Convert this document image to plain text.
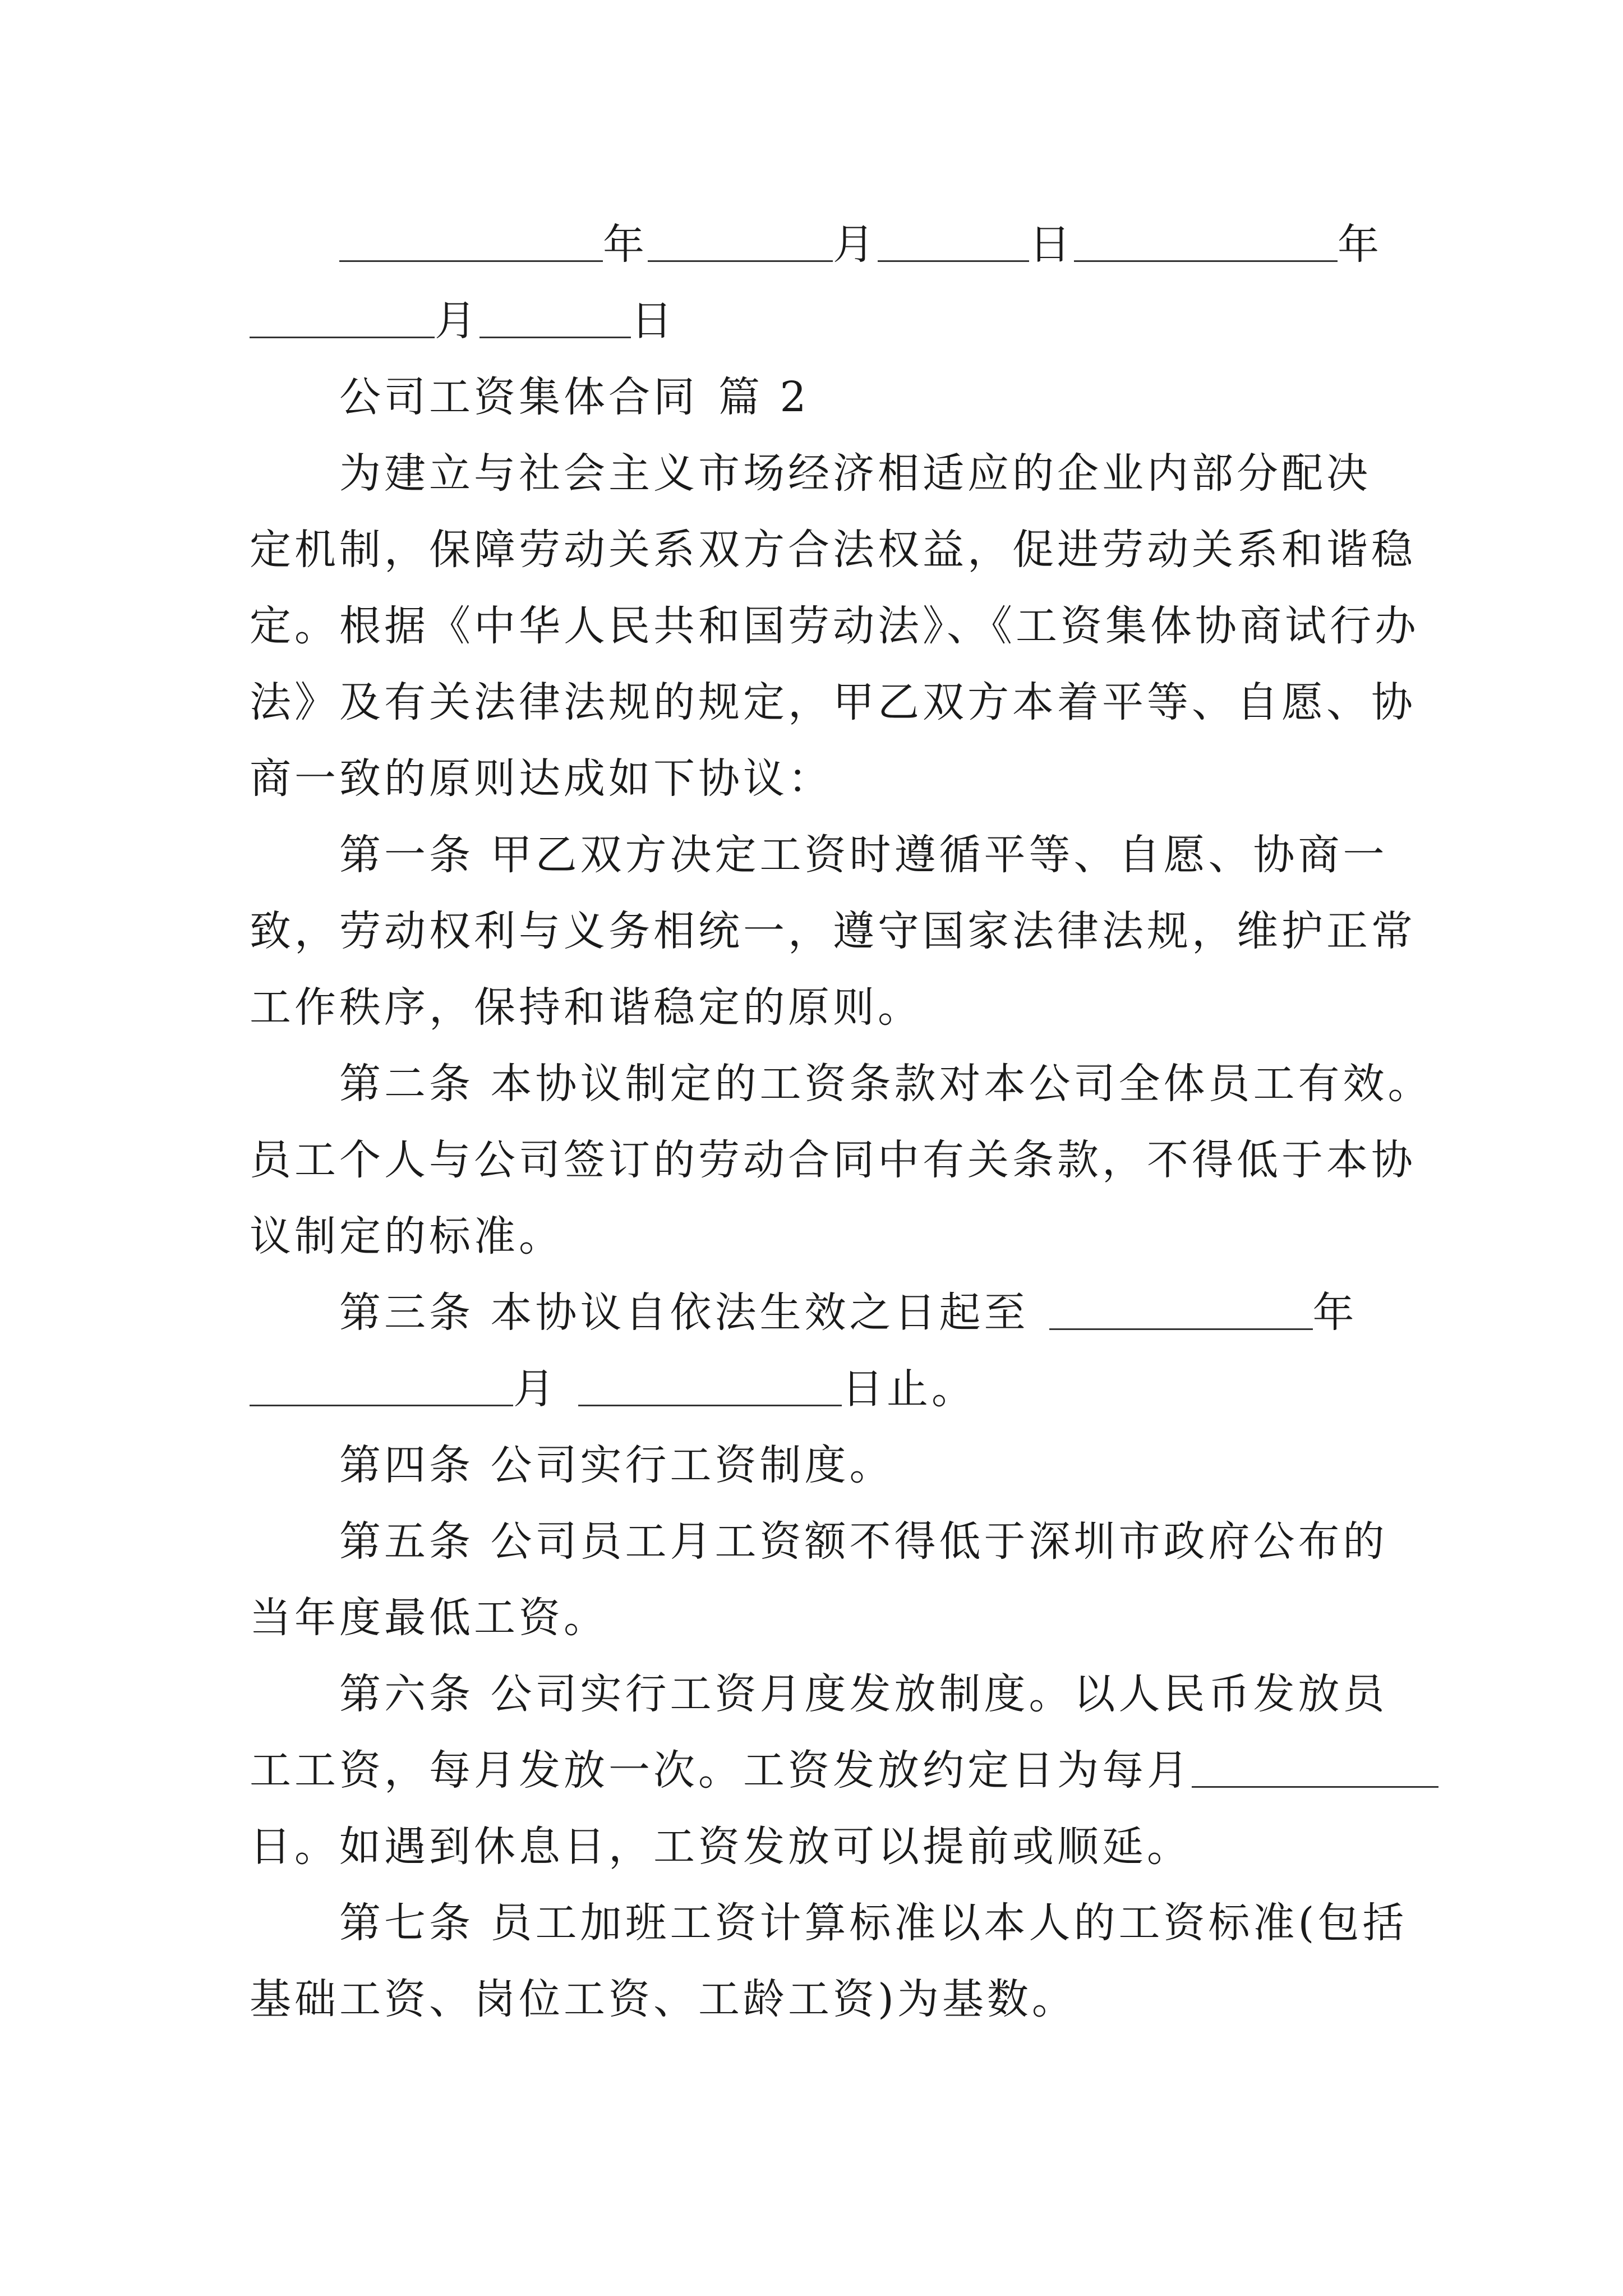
年	月	日	年
月	日
公司工资集体合同 篇 2
为建立与社会主义市场经济相适应的企业内部分配决
定机制，保障劳动关系双方合法权益，促进劳动关系和谐稳
定。根据《中华人民共和国劳动法》、《工资集体协商试行办
法》及有关法律法规的规定，甲乙双方本着平等、自愿、协
商一致的原则达成如下协议：
第一条 甲乙双方决定工资时遵循平等、自愿、协商一
致，劳动权利与义务相统一，遵守国家法律法规，维护正常
工作秩序，保持和谐稳定的原则。
第二条 本协议制定的工资条款对本公司全体员工有效。
员工个人与公司签订的劳动合同中有关条款，不得低于本协
议制定的标准。
第三条 本协议自依法生效之日起至	年
月	日止。
第四条 公司实行工资制度。
第五条 公司员工月工资额不得低于深圳市政府公布的
当年度最低工资。
第六条 公司实行工资月度发放制度。以人民币发放员
工工资，每月发放一次。工资发放约定日为每月
日。如遇到休息日，工资发放可以提前或顺延。
第七条 员工加班工资计算标准以本人的工资标准(包括
基础工资、岗位工资、工龄工资)为基数。
